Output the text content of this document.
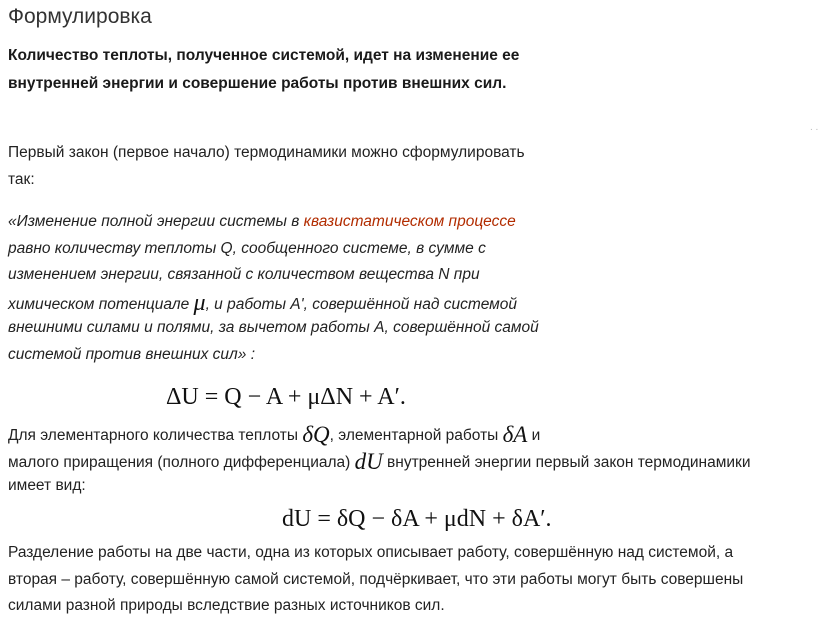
Формулировка
Количество теплоты, полученное системой, идет на изменение ее
внутренней энергии и совершение работы против внешних сил.
. .
Первый закон (первое начало) термодинамики можно сформулировать
так:
«Изменение полной энергии системы в квазистатическом процессе
равно количеству теплоты Q, сообщенного системе, в сумме с
изменением энергии, связанной с количеством вещества N при
химическом потенциале μ, и работы A', совершённой над системой
внешними силами и полями, за вычетом работы A, совершённой самой
системой против внешних сил» :
ΔU = Q − A + μΔN + A′.
Для элементарного количества теплоты δQ, элементарной работы δA и
малого приращения (полного дифференциала) dU внутренней энергии первый закон термодинамики
имеет вид:
dU = δQ − δA + μdN + δA′.
Разделение работы на две части, одна из которых описывает работу, совершённую над системой, а
вторая – работу, совершённую самой системой, подчёркивает, что эти работы могут быть совершены
силами разной природы вследствие разных источников сил.
